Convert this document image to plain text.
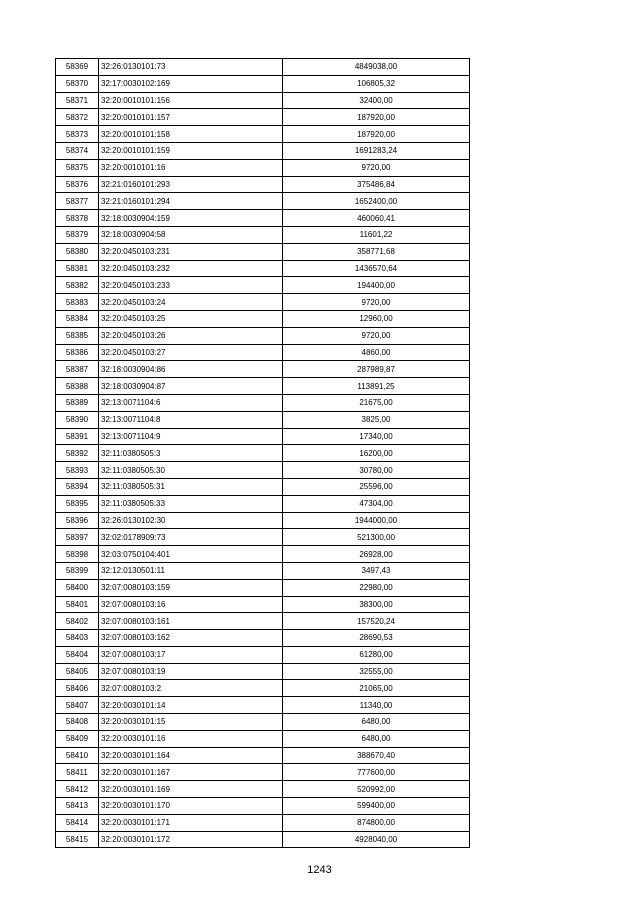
58369	32:26:0130101:73	4849038,00
58370	32:17:0030102:169	106805,32
58371	32:20:0010101:156	32400,00
58372	32:20:0010101:157	187920,00
58373	32:20:0010101:158	187920,00
58374	32:20:0010101:159	1691283,24
58375	32:20:0010101:16	9720,00
58376	32:21:0160101:293	375486,84
58377	32:21:0160101:294	1652400,00
58378	32:18:0030904:159	460060,41
58379	32:18:0030904:58	11601,22
58380	32:20:0450103:231	358771,68
58381	32:20:0450103:232	1436570,64
58382	32:20:0450103:233	194400,00
58383	32:20:0450103:24	9720,00
58384	32:20:0450103:25	12960,00
58385	32:20:0450103:26	9720,00
58386	32:20:0450103:27	4860,00
58387	32:18:0030904:86	287989,87
58388	32:18:0030904:87	113891,25
58389	32:13:0071104:6	21675,00
58390	32:13:0071104:8	3825,00
58391	32:13:0071104:9	17340,00
58392	32:11:0380505:3	16200,00
58393	32:11:0380505:30	30780,00
58394	32:11:0380505:31	25596,00
58395	32:11:0380505:33	47304,00
58396	32:26:0130102:30	1944000,00
58397	32:02:0178909:73	521300,00
58398	32:03:0750104:401	26928,00
58399	32:12:0130501:11	3497,43
58400	32:07:0080103:159	22980,00
58401	32:07:0080103:16	38300,00
58402	32:07:0080103:161	157520,24
58403	32:07:0080103:162	28690,53
58404	32:07:0080103:17	61280,00
58405	32:07:0080103:19	32555,00
58406	32:07:0080103:2	21065,00
58407	32:20:0030101:14	11340,00
58408	32:20:0030101:15	6480,00
58409	32:20:0030101:16	6480,00
58410	32:20:0030101:164	388670,40
58411	32:20:0030101:167	777600,00
58412	32:20:0030101:169	520992,00
58413	32:20:0030101:170	599400,00
58414	32:20:0030101:171	874800,00
58415	32:20:0030101:172	4928040,00
1243
